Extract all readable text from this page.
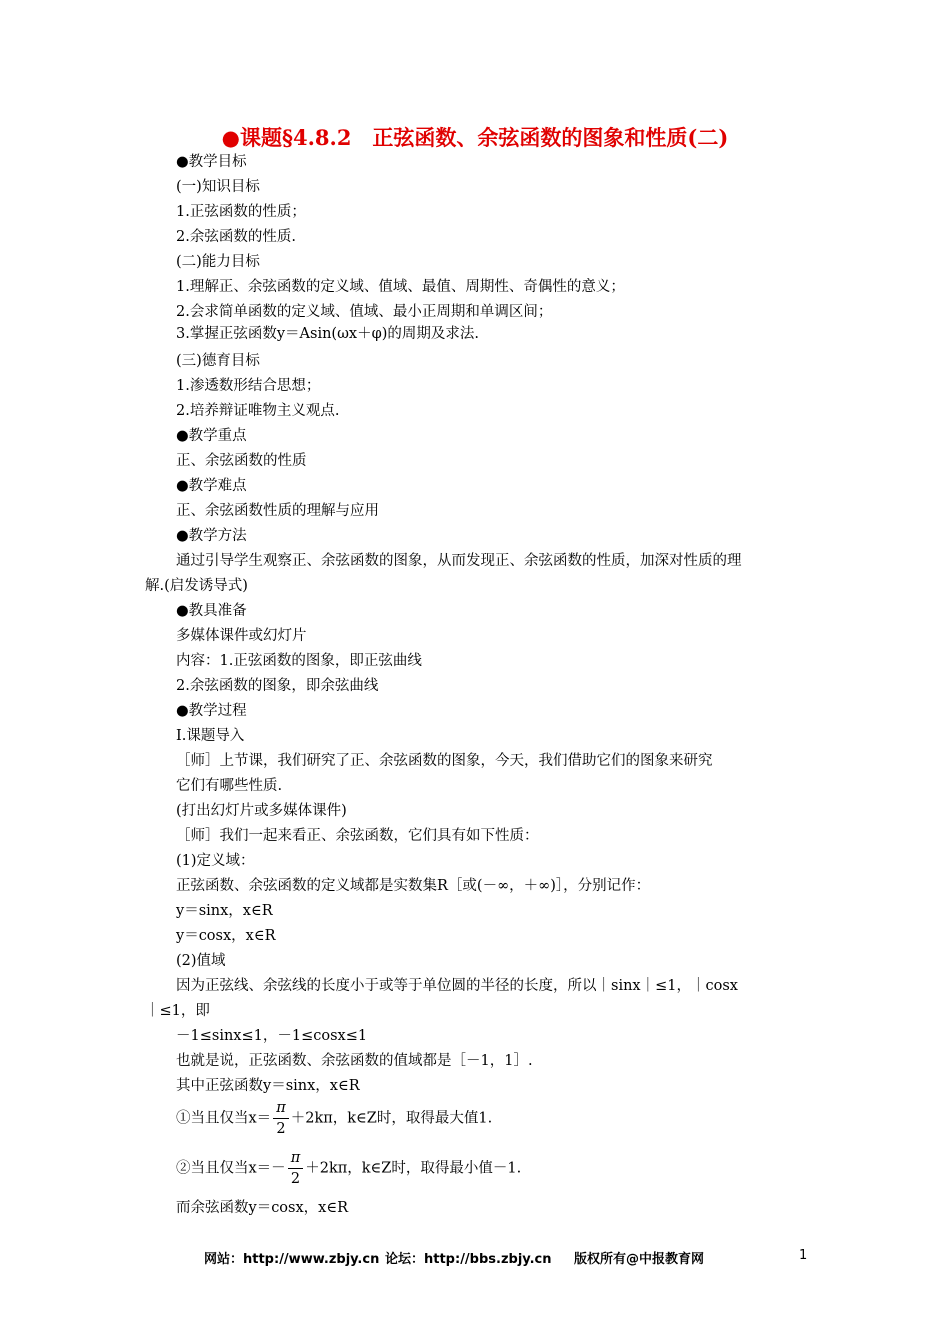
●课题§4.8.2　正弦函数、余弦函数的图象和性质(二)
●教学目标
(一)知识目标
1.正弦函数的性质；
2.余弦函数的性质.
(二)能力目标
1.理解正、余弦函数的定义域、值域、最值、周期性、奇偶性的意义；
2.会求简单函数的定义域、值域、最小正周期和单调区间；
3.掌握正弦函数y＝Asin(ωx＋φ)的周期及求法.
(三)德育目标
1.渗透数形结合思想；
2.培养辩证唯物主义观点.
●教学重点
正、余弦函数的性质
●教学难点
正、余弦函数性质的理解与应用
●教学方法
通过引导学生观察正、余弦函数的图象，从而发现正、余弦函数的性质，加深对性质的理
解.(启发诱导式)
●教具准备
多媒体课件或幻灯片
内容：1.正弦函数的图象，即正弦曲线
2.余弦函数的图象，即余弦曲线
●教学过程
Ⅰ.课题导入
［师］上节课，我们研究了正、余弦函数的图象，今天，我们借助它们的图象来研究
它们有哪些性质.
(打出幻灯片或多媒体课件)
［师］我们一起来看正、余弦函数，它们具有如下性质：
(1)定义域：
正弦函数、余弦函数的定义域都是实数集R［或(－∞，＋∞)］，分别记作：
y＝sinx，x∈R
y＝cosx，x∈R
(2)值域
因为正弦线、余弦线的长度小于或等于单位圆的半径的长度，所以｜sinx｜≤1，｜cosx
｜≤1，即
－1≤sinx≤1，－1≤cosx≤1
也就是说，正弦函数、余弦函数的值域都是［－1，1］.
其中正弦函数y＝sinx，x∈R
①当且仅当$x= \frac{\pi}{2} +2k\pi$，k∈Z时，取得最大值1.
②当且仅当$x=- \frac{\pi}{2} +2k\pi$，k∈Z时，取得最小值－1.
而余弦函数y＝cosx，x∈R
网站：http://www.zbjy.cn 论坛：http://bbs.zbjy.cn 版权所有@中报教育网	1
